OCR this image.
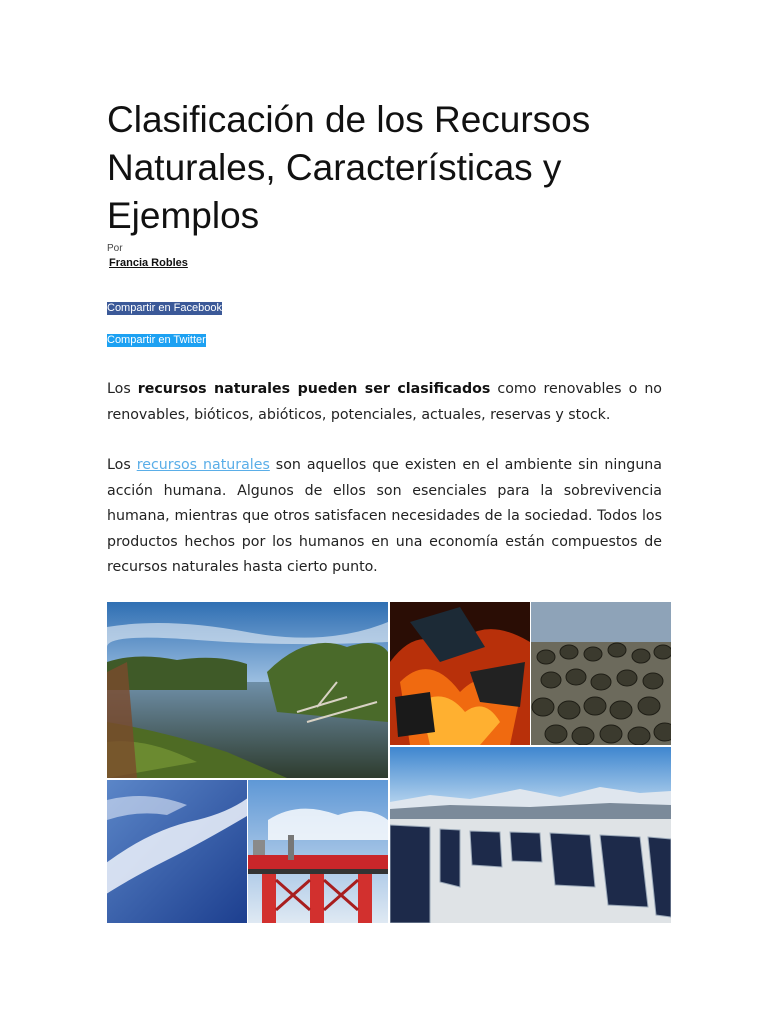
Clasificación de los Recursos Naturales, Características y Ejemplos
Por
Francia Robles
Compartir en Facebook
Compartir en Twitter

Los recursos naturales pueden ser clasificados como renovables o no renovables, bióticos, abióticos, potenciales, actuales, reservas y stock.

Los recursos naturales son aquellos que existen en el ambiente sin ninguna acción humana. Algunos de ellos son esenciales para la sobrevivencia humana, mientras que otros satisfacen necesidades de la sociedad. Todos los productos hechos por los humanos en una economía están compuestos de recursos naturales hasta cierto punto.
